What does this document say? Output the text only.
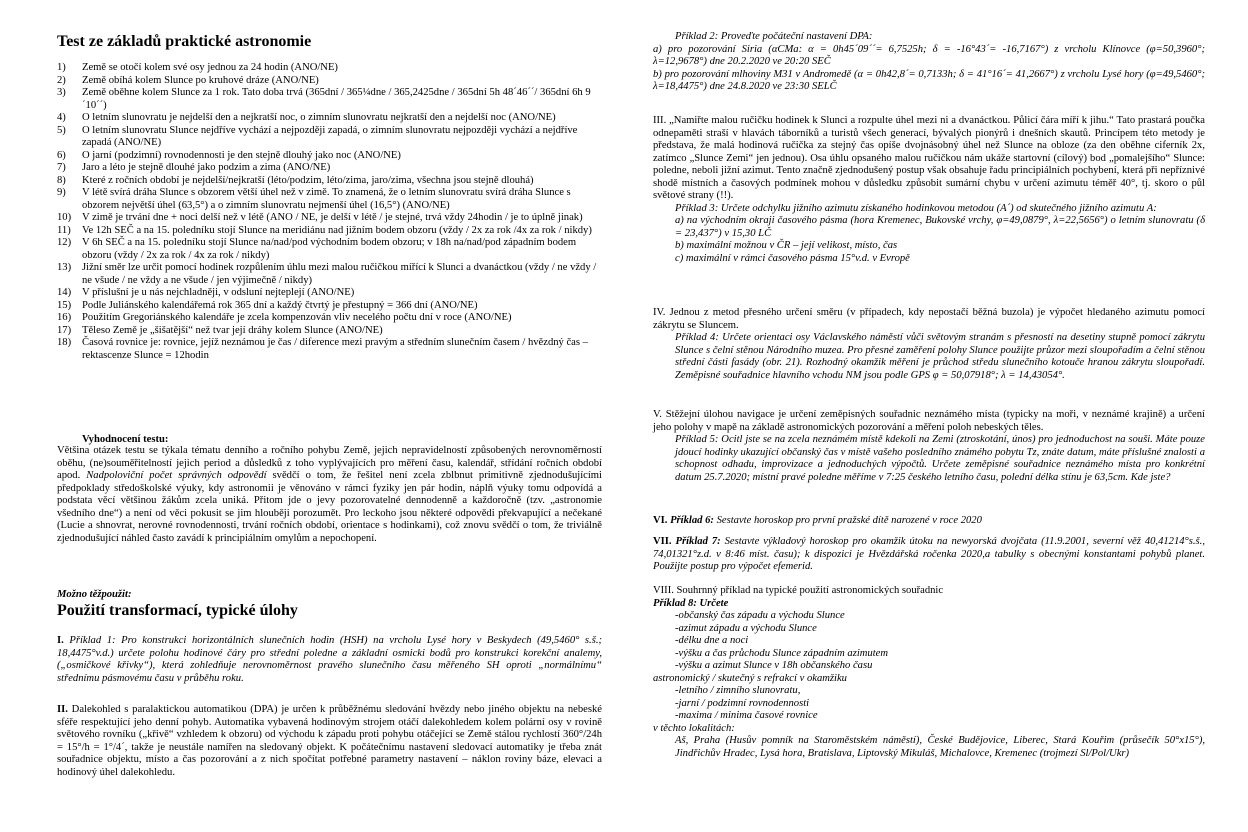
Test ze základů praktické astronomie
1)	Země se otočí kolem své osy jednou za 24 hodin (ANO/NE)
2)	Země obíhá kolem Slunce po kruhové dráze (ANO/NE)
3)	Země oběhne kolem Slunce za 1 rok. Tato doba trvá (365dní / 365¼dne / 365,2425dne / 365dní 5h 48´46´´/ 365dní 6h 9´10´´)
4)	O letním slunovratu je nejdelší den a nejkratší noc, o zimním slunovratu nejkratší den a nejdelší noc (ANO/NE)
5)	O letním slunovratu Slunce nejdříve vychází a nejpozději zapadá, o zimním slunovratu nejpozději vychází a nejdříve zapadá (ANO/NE)
6)	O jarní (podzimní) rovnodennosti je den stejně dlouhý jako noc (ANO/NE)
7)	Jaro a léto je stejně dlouhé jako podzim a zima (ANO/NE)
8)	Které z ročních období je nejdelší/nejkratší (léto/podzim, léto/zima, jaro/zima, všechna jsou stejně dlouhá)
9)	V létě svírá dráha Slunce s obzorem větší úhel než v zimě. To znamená, že o letním slunovratu svírá dráha Slunce s obzorem největší úhel (63,5°) a o zimním slunovratu nejmenší úhel (16,5°) (ANO/NE)
10)	V zimě je trvání dne + noci delší než v létě (ANO / NE, je delší v létě / je stejné, trvá vždy 24hodin / je to úplně jinak)
11)	Ve 12h SEČ a na 15. poledníku stojí Slunce na meridiánu nad jižním bodem obzoru (vždy / 2x za rok /4x za rok / nikdy)
12)	V 6h SEČ a na 15. poledníku stojí Slunce na/nad/pod východním bodem obzoru; v 18h na/nad/pod západním bodem obzoru (vždy / 2x za rok / 4x za rok / nikdy)
13)	Jižní směr lze určit pomocí hodinek rozpůlením úhlu mezi malou ručičkou mířící k Slunci a dvanáctkou (vždy / ne vždy / ne všude / ne vždy a ne všude / jen výjimečně / nikdy)
14)	V příslušní je u nás nejchladněji, v odsluní nejteplejí (ANO/NE)
15)	Podle Juliánského kalendářemá rok 365 dní a každý čtvrtý je přestupný = 366 dní (ANO/NE)
16)	Použitím Gregoriánského kalendáře je zcela kompenzován vliv necelého počtu dní v roce (ANO/NE)
17)	Těleso Země je „šišatější“ než tvar její dráhy kolem Slunce (ANO/NE)
18)	Časová rovnice je: rovnice, jejíž neznámou je čas / diference mezi pravým a středním slunečním časem / hvězdný čas – rektascenze Slunce = 12hodin
Vyhodnocení testu:

Většina otázek testu se týkala tématu denního a ročního pohybu Země, jejich nepravidelností způsobených nerovnoměrností oběhu, (ne)souměřitelností jejich period a důsledků z toho vyplývajících pro měření času, kalendář, střídání ročních období apod. Nadpoloviční počet správných odpovědí svědčí o tom, že řešitel není zcela zblbnut primitivně zjednodušujícími předpoklady středoškolské výuky, kdy astronomii je věnováno v rámci fyziky jen pár hodin, náplň výuky tomu odpovídá a podstata věcí většinou žákům zcela uniká. Přitom jde o jevy pozorovatelné dennodenně a každoročně (tzv. „astronomie všedního dne“) a není od věci pokusit se jim hlouběji porozumět. Pro leckoho jsou některé odpovědi překvapující a nečekané (Lucie a shnovrat, nerovné rovnodennosti, trvání ročních období, orientace s hodinkami), což znovu svědčí o tom, že triviálně zjednodušující náhled často zavádí k principiálním omylům a nepochopení.

Možno těžpoužit:
Použití transformací, typické úlohy

I. Příklad 1: Pro konstrukci horizontálních slunečních hodin (HSH) na vrcholu Lysé hory v Beskydech (49,5460° s.š.; 18,4475°v.d.) určete polohu hodinové čáry pro střední poledne a základní osmicki bodů pro konstrukci korekční analemy, („osmičkové křivky“), která zohledňuje nerovnoměrnost pravého slunečního času měřeného SH oproti „normálnímu“ střednímu pásmovému času v průběhu roku.

II. Dalekohled s paralaktickou automatikou (DPA) je určen k průběžnému sledování hvězdy nebo jiného objektu na nebeské sféře respektující jeho denní pohyb. Automatika vybavená hodinovým strojem otáčí dalekohledem kolem polární osy v rovině světového rovníku („křivě“ vzhledem k obzoru) od východu k západu proti pohybu otáčející se Země stálou rychlostí 360°/24h = 15°/h = 1°/4´, takže je neustále namířen na sledovaný objekt. K počátečnímu nastavení sledovací automatiky je třeba znát souřadnice objektu, místo a čas pozorování a z nich spočítat potřebné parametry nastavení – náklon roviny báze, elevaci a hodinový úhel dalekohledu.

Příklad 2: Proveďte počáteční nastavení DPA:

a) pro pozorování Siria (αCMa: α = 0h45´09´´= 6,7525h; δ = -16°43´= -16,7167°) z vrcholu Klínovce (φ=50,3960°; λ=12,9678°) dne 20.2.2020 ve 20:20 SEČ

b) pro pozorování mlhoviny M31 v Andromedě (α = 0h42,8´= 0,7133h; δ = 41°16´= 41,2667°) z vrcholu Lysé hory (φ=49,5460°; λ=18,4475°) dne 24.8.2020 ve 23:30 SELČ

III. „Namiřte malou ručičku hodinek k Slunci a rozpulte úhel mezi ni a dvanáctkou. Půlicí čára míří k jihu.“ Tato prastará poučka odnepaměti straší v hlavách táborníků a turistů všech generací, bývalých pionýrů i dnešních skautů. Princípem této metody je představa, že malá hodinová ručička za stejný čas opíše dvojnásobný úhel než Slunce na obloze (za den oběhne ciferník 2x, zatímco „Slunce Zemi“ jen jednou). Osa úhlu opsaného malou ručičkou nám ukáže startovní (cílový) bod „pomalejšího“ Slunce: poledne, neboli jižní azimut. Tento značně zjednodušený postup však obsahuje řadu principiálních pochybení, která při nepříznivé shodě místních a časových podmínek mohou v důsledku způsobit sumární chybu v určení azimutu téměř 40°, tj. skoro o půl světové strany (!!).

Příklad 3: Určete odchylku jižního azimutu získaného hodinkovou metodou (A´) od skutečného jižního azimutu A:

a) na východním okraji časového pásma (hora Kremenec, Bukovské vrchy, φ=49,0879°, λ=22,5656°) o letním slunovratu (δ = 23,437°) v 15,30 LČ

b) maximální možnou v ČR – její velikost, místo, čas

c) maximální v rámci časového pásma 15°v.d. v Evropě

IV. Jednou z metod přesného určení směru (v případech, kdy nepostačí běžná buzola) je výpočet hledaného azimutu pomocí zákrytu se Sluncem.

Příklad 4: Určete orientaci osy Václavského náměstí vůči světovým stranám s přesností na desetiny stupně pomocí zákrytu Slunce s čelní stěnou Národního muzea. Pro přesné zaměření polohy Slunce použijte průzor mezi sloupořadím a čelní stěnou střední části fasády (obr. 21). Rozhodný okamžik měření je průchod středu slunečního kotouče hranou zákrytu sloupořadí. Zeměpisné souřadnice hlavního vchodu NM jsou podle GPS φ = 50,07918°; λ = 14,43054°.

V. Stěžejní úlohou navigace je určení zeměpisných souřadnic neznámého místa (typicky na moři, v neznámé krajině) a určení jeho polohy v mapě na základě astronomických pozorování a měření poloh nebeských těles.

Příklad 5: Ocitl jste se na zcela neznámém místě kdekoli na Zemi (ztroskotání, únos) pro jednoduchost na souši. Máte pouze jdoucí hodinky ukazující občanský čas v místě vašeho posledního známého pobytu Tz, znáte datum, máte příslušné znalosti a schopnost odhadu, improvizace a jednoduchých výpočtů. Určete zeměpisné souřadnice neznámého místa pro konkrétní datum 25.7.2020; místní pravé poledne měříme v 7:25 českého letního času, polední délka stínu je 63,5cm. Kde jste?

VI. Příklad 6: Sestavte horoskop pro první pražské dítě narozené v roce 2020

VII. Příklad 7: Sestavte výkladový horoskop pro okamžik útoku na newyorská dvojčata (11.9.2001, severní věž 40,41214°s.š., 74,01321°z.d. v 8:46 míst. času); k dispozici je Hvězdářská ročenka 2020,a tabulky s obecnými konstantami pohybů planet. Použijte postup pro výpočet efemerid.

VIII. Souhrnný příklad na typické použití astronomických souřadnic

Příklad 8: Určete

-občanský čas západu a východu Slunce

-azimut západu a východu Slunce

-délku dne a noci

-výšku a čas průchodu Slunce západním azimutem

-výšku a azimut Slunce v 18h občanského času

astronomický / skutečný s refrakcí v okamžiku

-letního / zimního slunovratu,

-jarní / podzimní rovnodennosti

-maxima / minima časové rovnice

v těchto lokalitách:

Aš, Praha (Husův pomník na Staroměstském náměstí), České Budějovice, Liberec, Stará Kouřim (průsečík 50°x15°), Jindřichův Hradec, Lysá hora, Bratislava, Liptovský Mikuláš, Michalovce, Kremenec (trojmezí Sl/Pol/Ukr)
